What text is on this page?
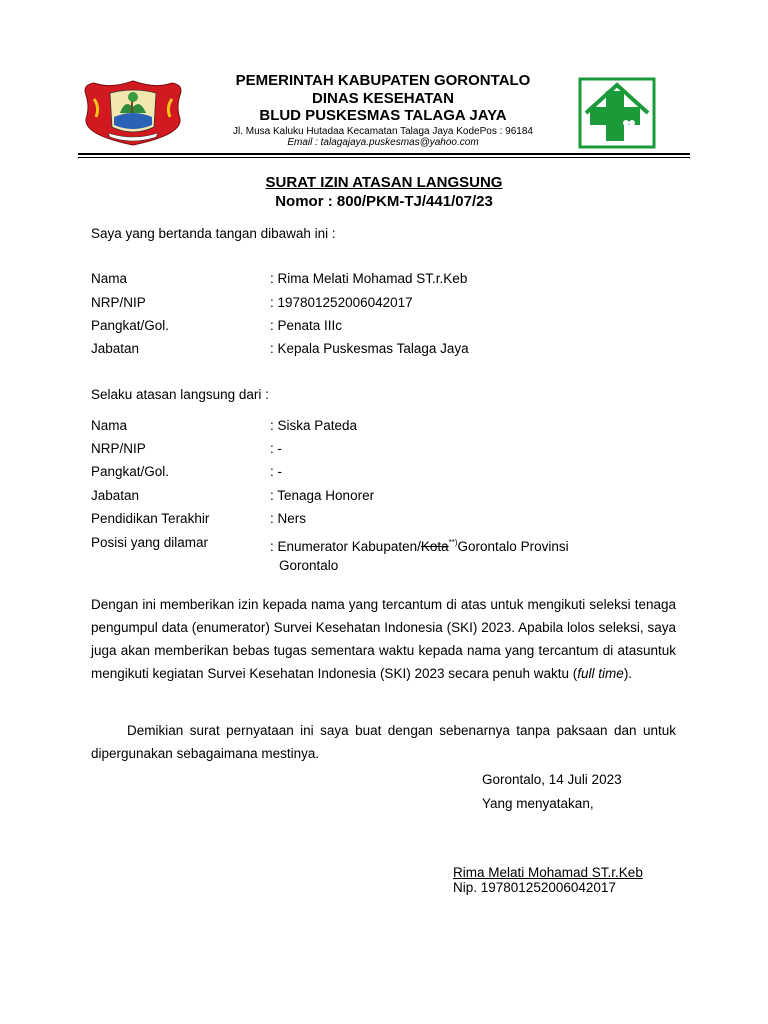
PEMERINTAH KABUPATEN GORONTALO
DINAS KESEHATAN
BLUD PUSKESMAS TALAGA JAYA
Jl. Musa Kaluku Hutadaa Kecamatan Talaga Jaya KodePos : 96184
Email : talagajaya.puskesmas@yahoo.com
SURAT IZIN ATASAN LANGSUNG
Nomor : 800/PKM-TJ/441/07/23
Saya yang bertanda tangan dibawah ini :
Nama	: Rima Melati Mohamad ST.r.Keb
NRP/NIP	: 197801252006042017
Pangkat/Gol.	: Penata IIIc
Jabatan	: Kepala Puskesmas Talaga Jaya
Selaku atasan langsung dari :
Nama	: Siska Pateda
NRP/NIP	: -
Pangkat/Gol.	: -
Jabatan	: Tenaga Honorer
Pendidikan Terakhir	: Ners
Posisi yang dilamar	: Enumerator Kabupaten/Kota**)Gorontalo Provinsi
Gorontalo
Dengan ini memberikan izin kepada nama yang tercantum di atas untuk mengikuti seleksi tenaga pengumpul data (enumerator) Survei Kesehatan Indonesia (SKI) 2023. Apabila lolos seleksi, saya juga akan memberikan bebas tugas sementara waktu kepada nama yang tercantum di atasuntuk mengikuti kegiatan Survei Kesehatan Indonesia (SKI) 2023 secara penuh waktu (full time).
Demikian surat pernyataan ini saya buat dengan sebenarnya tanpa paksaan dan untuk dipergunakan sebagaimana mestinya.
Gorontalo, 14 Juli 2023
Yang menyatakan,
Rima Melati Mohamad ST.r.Keb
Nip. 197801252006042017
